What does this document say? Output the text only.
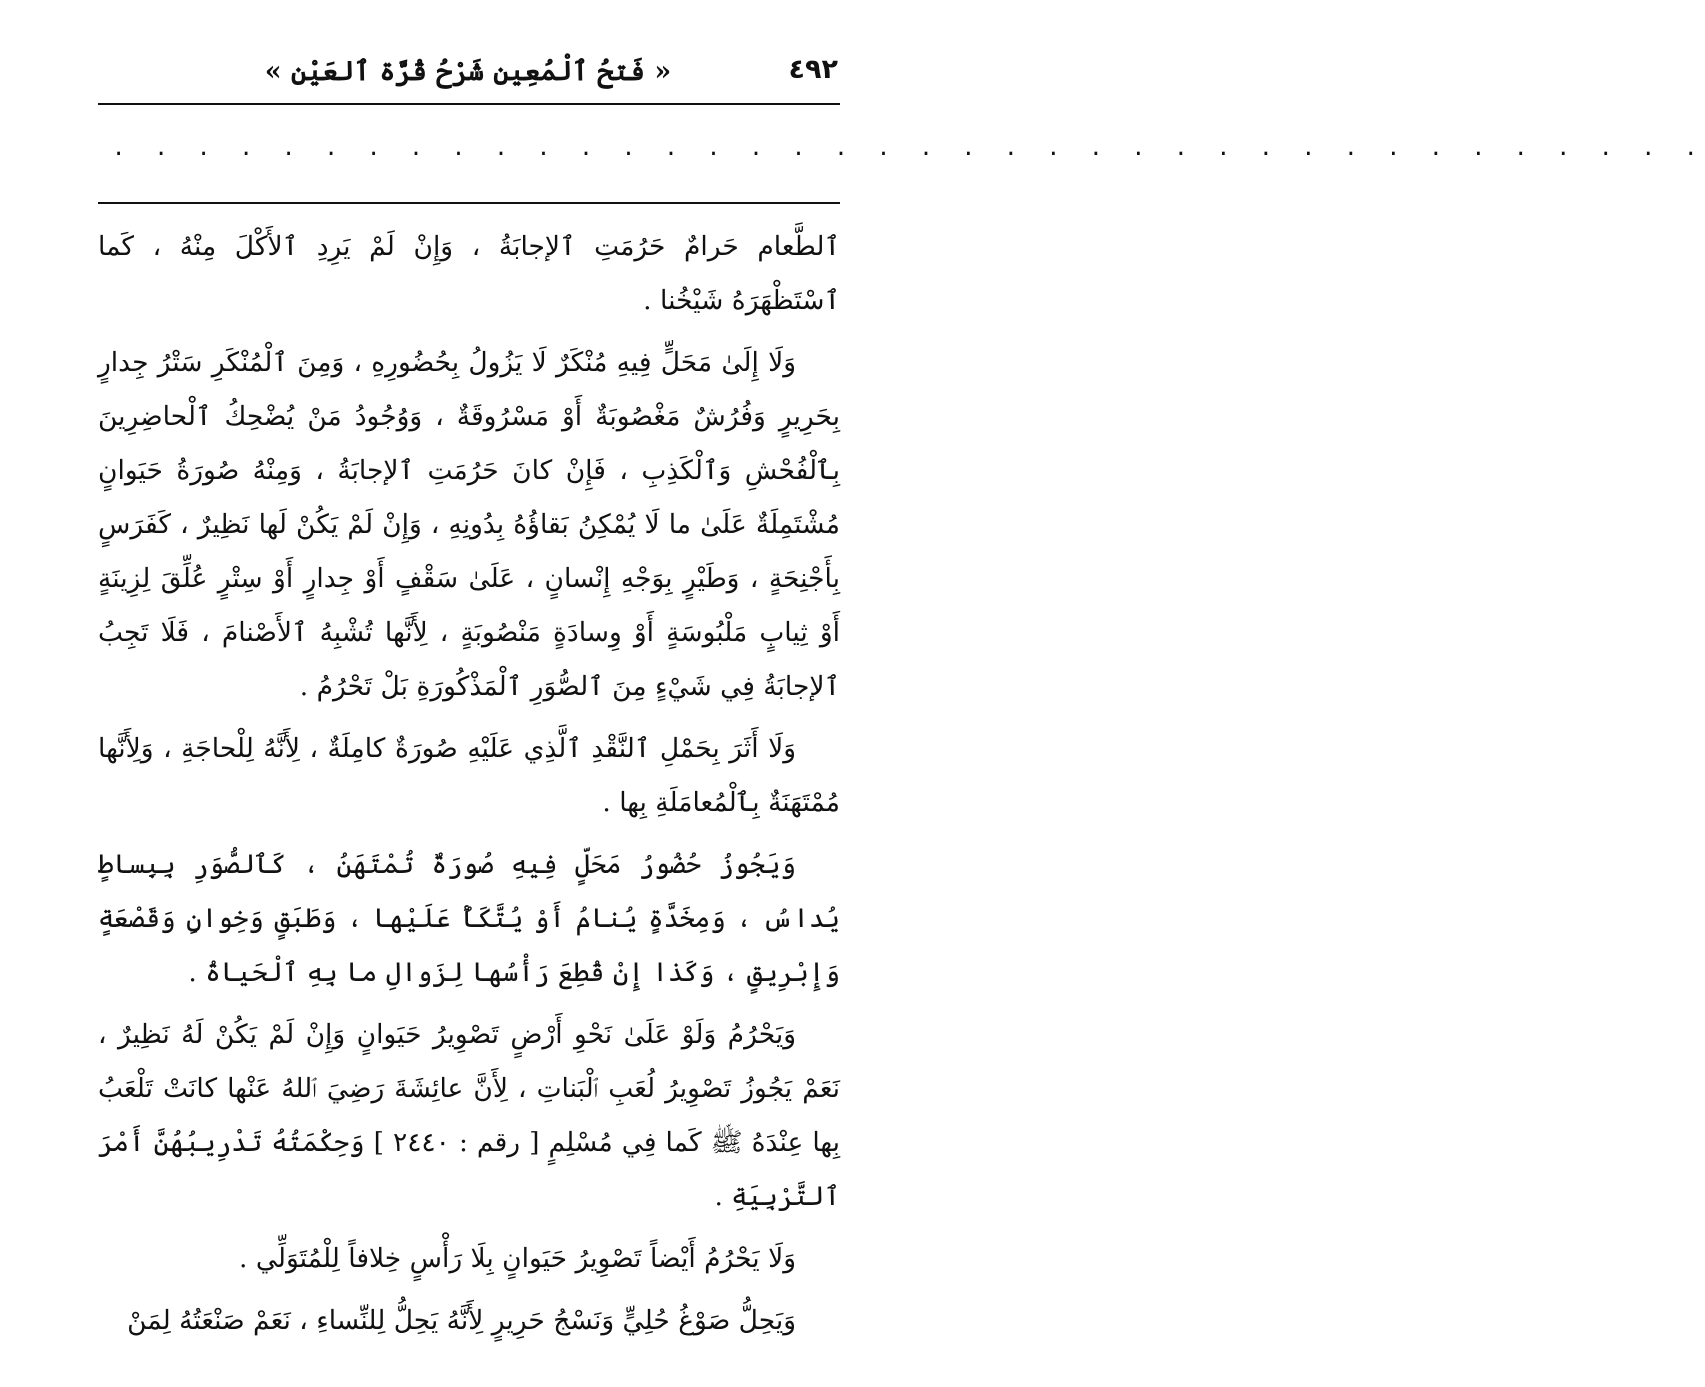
٤٩٢
« فَتحُ ٱلْمُعِين شَرْحُ قُرَّة ٱلعَيْن »
. . . . . . . . . . . . . . . . . . . . . . . . . . . . . . . . . . . . . .

ٱلطَّعام حَرامٌ حَرُمَتِ ٱلإجابَةُ ، وَإِنْ لَمْ يَرِدِ ٱلأَكْلَ مِنْهُ ، كَما ٱسْتَظْهَرَهُ شَيْخُنا .

وَلَا إِلَىٰ مَحَلٍّ فِيهِ مُنْكَرٌ لَا يَزُولُ بِحُضُورِهِ ، وَمِنَ ٱلْمُنْكَرِ سَتْرُ جِدارٍ بِحَرِيرٍ وَفُرُشٌ مَغْصُوبَةٌ أَوْ مَسْرُوقَةٌ ، وَوُجُودُ مَنْ يُضْحِكُ ٱلْحاضِرِينَ بِٱلْفُحْشِ وَٱلْكَذِبِ ، فَإِنْ كانَ حَرُمَتِ ٱلإجابَةُ ، وَمِنْهُ صُورَةُ حَيَوانٍ مُشْتَمِلَةٌ عَلَىٰ ما لَا يُمْكِنُ بَقاؤُهُ بِدُونِهِ ، وَإِنْ لَمْ يَكُنْ لَها نَظِيرٌ ، كَفَرَسٍ بِأَجْنِحَةٍ ، وَطَيْرٍ بِوَجْهِ إِنْسانٍ ، عَلَىٰ سَقْفٍ أَوْ جِدارٍ أَوْ سِتْرٍ عُلِّقَ لِزِينَةٍ أَوْ ثِيابٍ مَلْبُوسَةٍ أَوْ وِسادَةٍ مَنْصُوبَةٍ ، لِأَنَّها تُشْبِهُ ٱلأَصْنامَ ، فَلَا تَجِبُ ٱلإجابَةُ فِي شَيْءٍ مِنَ ٱلصُّوَرِ ٱلْمَذْكُورَةِ بَلْ تَحْرُمُ .

وَلَا أَثَرَ بِحَمْلِ ٱلنَّقْدِ ٱلَّذِي عَلَيْهِ صُورَةٌ كامِلَةٌ ، لِأَنَّهُ لِلْحاجَةِ ، وَلِأَنَّها مُمْتَهَنَةٌ بِٱلْمُعامَلَةِ بِها .

وَيَجُوزُ حُضُورُ مَحَلٍّ فِيهِ صُورَةٌ تُمْتَهَنُ ، كَٱلصُّوَرِ بِبِساطٍ يُداسُ ، وَمِخَدَّةٍ يُنامُ أَوْ يُتَّكَأُ عَلَيْها ، وَطَبَقٍ وَخِوانٍ وَقَصْعَةٍ وَإِبْرِيقٍ ، وَكَذا إِنْ قُطِعَ رَأْسُها لِزَوالِ ما بِهِ ٱلْحَياةُ .

وَيَحْرُمُ وَلَوْ عَلَىٰ نَحْوِ أَرْضٍ تَصْوِيرُ حَيَوانٍ وَإِنْ لَمْ يَكُنْ لَهُ نَظِيرٌ ، نَعَمْ يَجُوزُ تَصْوِيرُ لُعَبِ ٱلْبَناتِ ، لِأَنَّ عائِشَةَ رَضِيَ ٱللهُ عَنْها كانَتْ تَلْعَبُ بِها عِنْدَهُ ﷺ كَما فِي مُسْلِمٍ [ رقم : ٢٤٤٠ ] وَحِكْمَتُهُ تَدْرِيبُهُنَّ أَمْرَ ٱلتَّرْبِيَةِ .

وَلَا يَحْرُمُ أَيْضاً تَصْوِيرُ حَيَوانٍ بِلَا رَأْسٍ خِلافاً لِلْمُتَوَلِّي .

وَيَحِلُّ صَوْغُ حُلِيٍّ وَنَسْجُ حَرِيرٍ لِأَنَّهُ يَحِلُّ لِلنِّساءِ ، نَعَمْ صَنْعَتُهُ لِمَنْ
